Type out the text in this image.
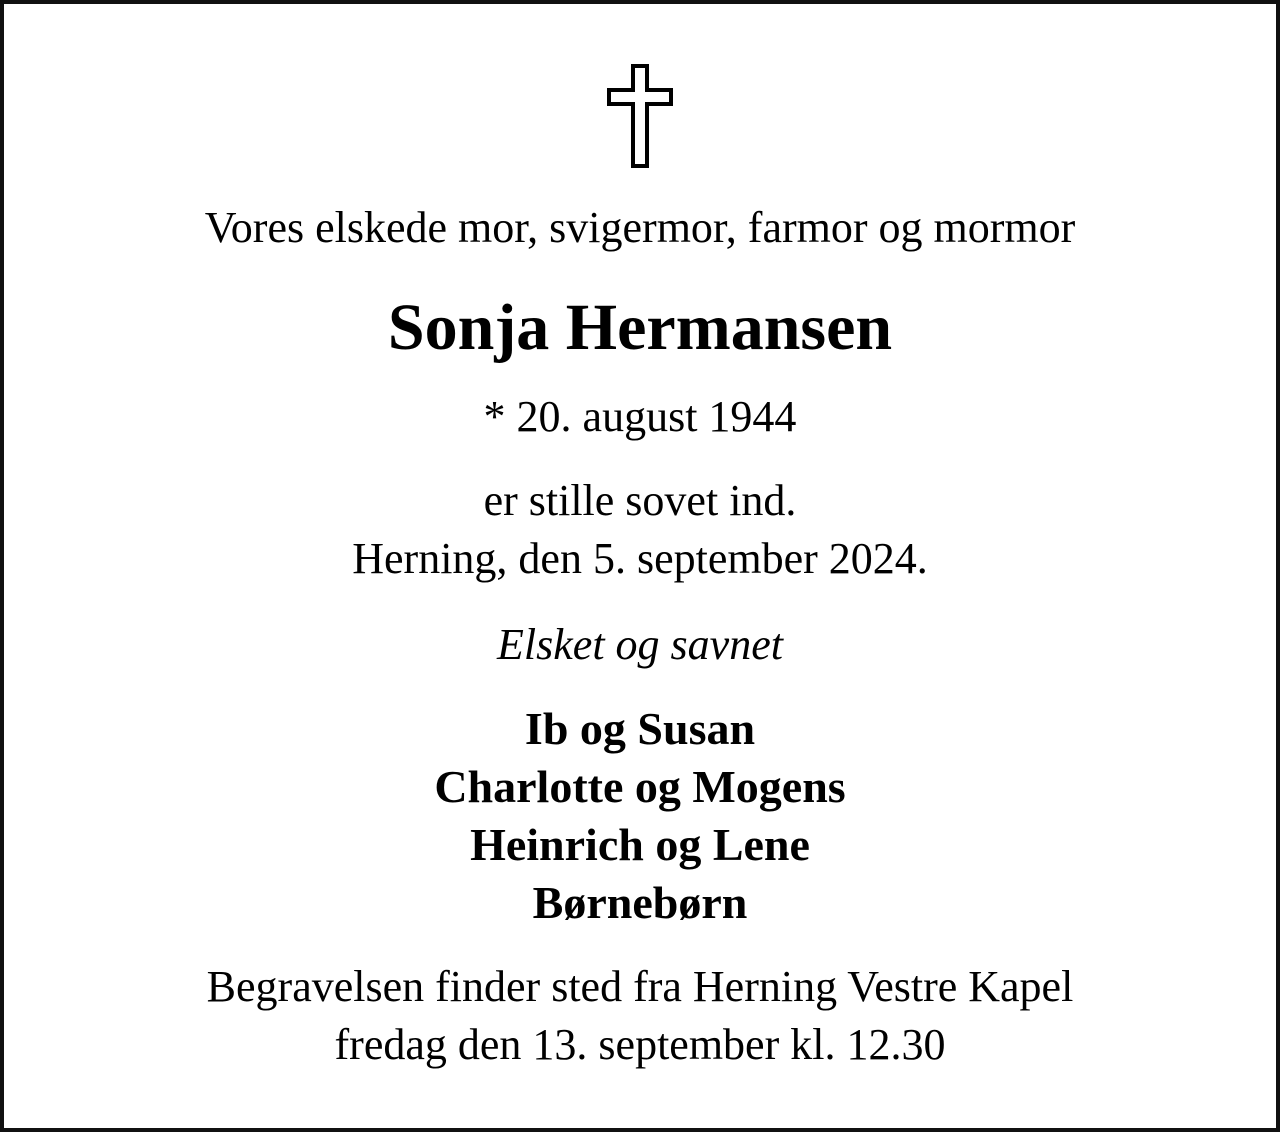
Vores elskede mor, svigermor, farmor og mormor
Sonja Hermansen
* 20. august 1944
er stille sovet ind.
Herning, den 5. september 2024.
Elsket og savnet
Ib og Susan
Charlotte og Mogens
Heinrich og Lene
Børnebørn
Begravelsen finder sted fra Herning Vestre Kapel
fredag den 13. september kl. 12.30
